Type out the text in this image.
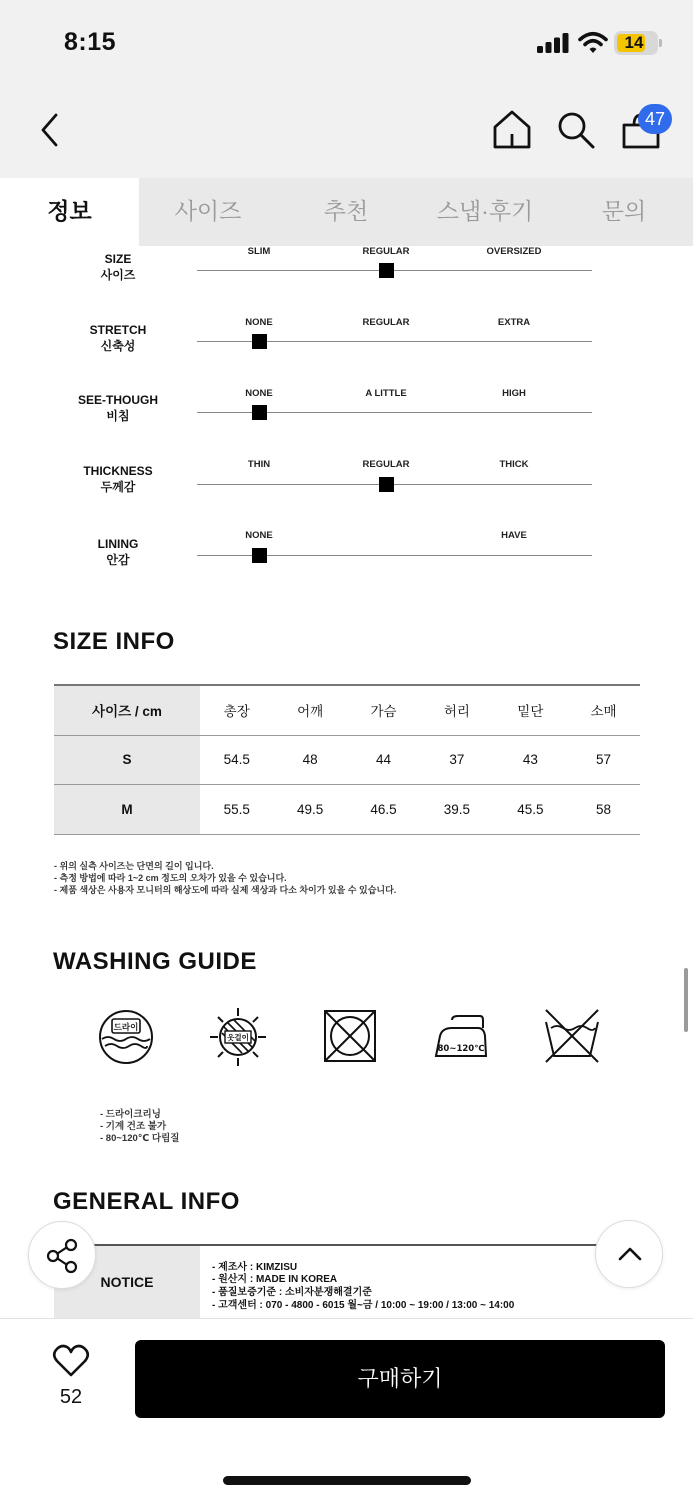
8:15	14
47
정보	사이즈	추천	스냅·후기	문의
SIZE
사이즈
SLIM	REGULAR	OVERSIZED
STRETCH
신축성
NONE	REGULAR	EXTRA
SEE-THOUGH
비침
NONE	A LITTLE	HIGH
THICKNESS
두께감
THIN	REGULAR	THICK
LINING
안감
NONE	HAVE
SIZE INFO
사이즈 / cm	총장	어깨	가슴	허리	밑단	소매
S	54.5	48	44	37	43	57
M	55.5	49.5	46.5	39.5	45.5	58
- 위의 실측 사이즈는 단면의 길이 입니다.
- 측정 방법에 따라 1~2 cm 정도의 오차가 있을 수 있습니다.
- 제품 색상은 사용자 모니터의 해상도에 따라 실제 색상과 다소 차이가 있을 수 있습니다.
WASHING GUIDE
드라이
옷걸이
80~120℃
- 드라이크리닝
- 기계 건조 불가
- 80~120℃ 다림질
GENERAL INFO
NOTICE
- 제조사 : KIMZISU
- 원산지 : MADE IN KOREA
- 품질보증기준 : 소비자분쟁해결기준
- 고객센터 : 070 - 4800 - 6015 월~금 / 10:00 ~ 19:00 / 13:00 ~ 14:00
52
구매하기
